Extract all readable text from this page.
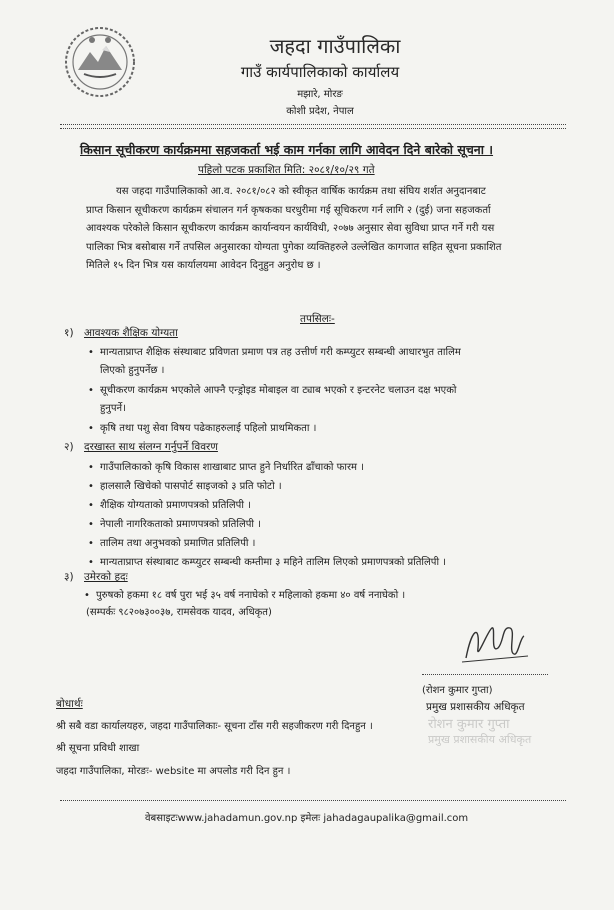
जहदा गाउँपालिका
गाउँ कार्यपालिकाको कार्यालय
मझारे, मोरङ
कोशी प्रदेश, नेपाल
किसान सूचीकरण कार्यक्रममा सहजकर्ता भई काम गर्नका लागि आवेदन दिने बारेको सूचना ।
पहिलो पटक प्रकाशित मिति: २०८१/१०/२९ गते
यस जहदा गाउँपालिकाको आ.व. २०८१/०८२ को स्वीकृत वार्षिक कार्यक्रम तथा संघिय शर्शत अनुदानबाट
प्राप्त किसान सूचीकरण कार्यक्रम संचालन गर्न कृषकका घरधुरीमा गई सूचिकरण गर्न लागि २ (दुई) जना सहजकर्ता
आवश्यक परेकोले किसान सूचीकरण कार्यक्रम कार्यान्वयन कार्यविधी, २०७७ अनुसार सेवा सुविधा प्राप्त गर्ने गरी यस
पालिका भित्र बसोबास गर्ने तपसिल अनुसारका योग्यता पुगेका व्यक्तिहरुले उल्लेखित कागजात सहित सूचना प्रकाशित
मितिले १५ दिन भित्र यस कार्यालयमा आवेदन दिनुहुन अनुरोध छ ।
तपसिलः-
१) आवश्यक शैक्षिक योग्यता
• मान्यताप्राप्त शैक्षिक संस्थाबाट प्रविणता प्रमाण पत्र तह उत्तीर्ण गरी कम्प्युटर सम्बन्धी आधारभुत तालिम
लिएको हुनुपर्नेछ ।
• सूचीकरण कार्यक्रम भएकोले आफ्नै एन्ड्रोइड मोबाइल वा ट्याब भएको र इन्टरनेट चलाउन दक्ष भएको
हुनुपर्ने।
• कृषि तथा पशु सेवा विषय पढेकाहरुलाई पहिलो प्राथमिकता ।
२) दरखास्त साथ संलग्न गर्नुपर्ने विवरण
• गाउँपालिकाको कृषि विकास शाखाबाट प्राप्त हुने निर्धारित ढाँचाको फारम ।
• हालसालै खिचेको पासपोर्ट साइजको ३ प्रति फोटो ।
• शैक्षिक योग्यताको प्रमाणपत्रको प्रतिलिपी ।
• नेपाली नागरिकताको प्रमाणपत्रको प्रतिलिपी ।
• तालिम तथा अनुभवको प्रमाणित प्रतिलिपी ।
• मान्यताप्राप्त संस्थाबाट कम्प्युटर सम्बन्धी कम्तीमा ३ महिने तालिम लिएको प्रमाणपत्रको प्रतिलिपी ।
३) उमेरको हदः
• पुरुषको हकमा १८ वर्ष पुरा भई ३५ वर्ष ननाघेको र महिलाको हकमा ४० वर्ष ननाघेको ।
(सम्पर्कः ९८२०७३००३७, रामसेवक यादव, अधिकृत)
(रोशन कुमार गुप्ता)
प्रमुख प्रशासकीय अधिकृत
रोशन कुमार गुप्ता
प्रमुख प्रशासकीय अधिकृत
बोधार्थः
श्री सबै वडा कार्यालयहरु, जहदा गाउँपालिकाः- सूचना टाँस गरी सहजीकरण गरी दिनहुन ।
श्री सूचना प्रविधी शाखा
जहदा गाउँपालिका, मोरङः- website मा अपलोड गरी दिन हुन ।
वेबसाइटःwww.jahadamun.gov.np इमेलः jahadagaupalika@gmail.com
